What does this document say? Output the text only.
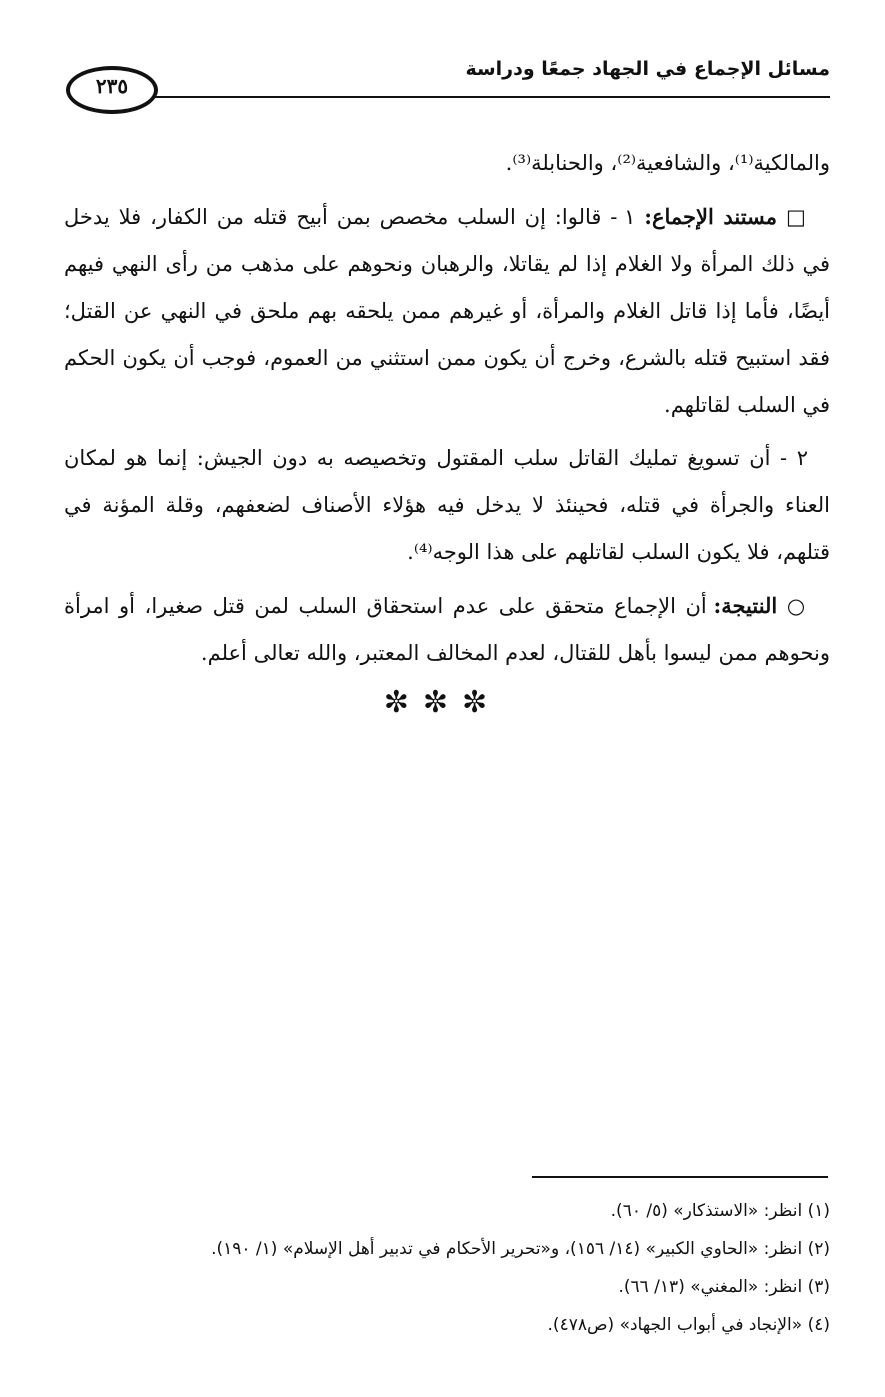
٢٣٥
مسائل الإجماع في الجهاد جمعًا ودراسة

والمالكية⁽¹⁾، والشافعية⁽²⁾، والحنابلة⁽³⁾.

□ مستند الإجماع: ١ - قالوا: إن السلب مخصص بمن أبيح قتله من الكفار، فلا يدخل في ذلك المرأة ولا الغلام إذا لم يقاتلا، والرهبان ونحوهم على مذهب من رأى النهي فيهم أيضًا، فأما إذا قاتل الغلام والمرأة، أو غيرهم ممن يلحقه بهم ملحق في النهي عن القتل؛ فقد استبيح قتله بالشرع، وخرج أن يكون ممن استثني من العموم، فوجب أن يكون الحكم في السلب لقاتلهم.

٢ - أن تسويغ تمليك القاتل سلب المقتول وتخصيصه به دون الجيش: إنما هو لمكان العناء والجرأة في قتله، فحينئذ لا يدخل فيه هؤلاء الأصناف لضعفهم، وقلة المؤنة في قتلهم، فلا يكون السلب لقاتلهم على هذا الوجه⁽⁴⁾.

○ النتيجة: أن الإجماع متحقق على عدم استحقاق السلب لمن قتل صغيرا، أو امرأة ونحوهم ممن ليسوا بأهل للقتال، لعدم المخالف المعتبر، والله تعالى أعلم.

✼✼✼
(١) انظر: «الاستذكار» (٥/ ٦٠).
(٢) انظر: «الحاوي الكبير» (١٤/ ١٥٦)، و«تحرير الأحكام في تدبير أهل الإسلام» (١/ ١٩٠).
(٣) انظر: «المغني» (١٣/ ٦٦).
(٤) «الإنجاد في أبواب الجهاد» (ص٤٧٨).
